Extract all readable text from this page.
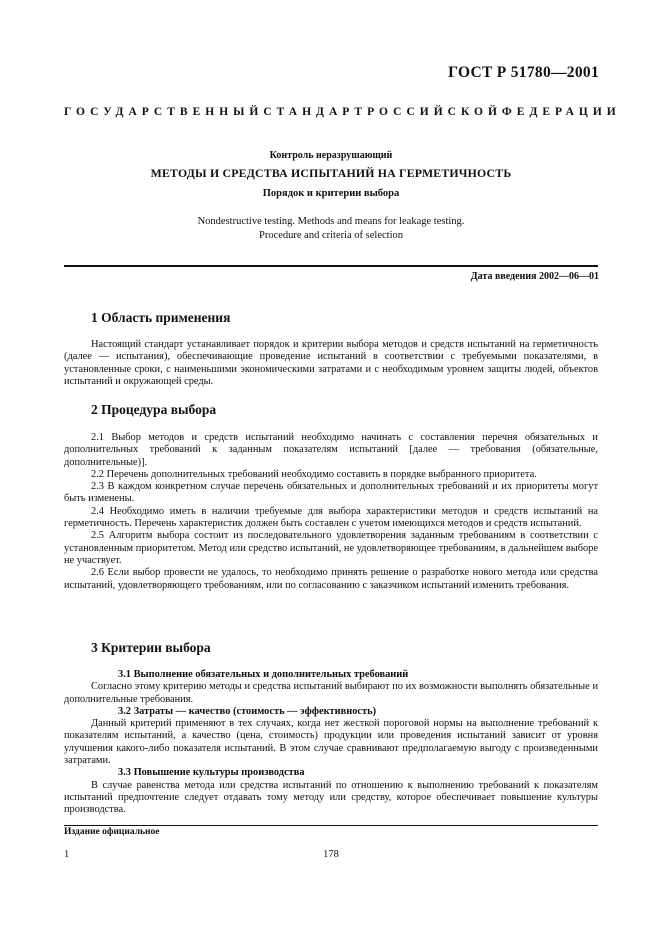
ГОСТ Р 51780—2001
ГОСУДАРСТВЕННЫЙ СТАНДАРТ РОССИЙСКОЙ ФЕДЕРАЦИИ
Контроль неразрушающий
МЕТОДЫ И СРЕДСТВА ИСПЫТАНИЙ НА ГЕРМЕТИЧНОСТЬ
Порядок и критерии выбора
Nondestructive testing. Methods and means for leakage testing.
Procedure and criteria of selection
Дата введения 2002—06—01
1 Область применения

Настоящий стандарт устанавливает порядок и критерии выбора методов и средств испытаний на герметичность (далее — испытания), обеспечивающие проведение испытаний в соответствии с требуемыми показателями, в установленные сроки, с наименьшими экономическими затратами и с необходимым уровнем защиты людей, объектов испытаний и окружающей среды.

2 Процедура выбора

2.1 Выбор методов и средств испытаний необходимо начинать с составления перечня обязательных и дополнительных требований к заданным показателям испытаний [далее — требования (обязательные, дополнительные)].

2.2 Перечень дополнительных требований необходимо составить в порядке выбранного приоритета.

2.3 В каждом конкретном случае перечень обязательных и дополнительных требований и их приоритеты могут быть изменены.

2.4 Необходимо иметь в наличии требуемые для выбора характеристики методов и средств испытаний на герметичность. Перечень характеристик должен быть составлен с учетом имеющихся методов и средств испытаний.

2.5 Алгоритм выбора состоит из последовательного удовлетворения заданным требованиям в соответствии с установленным приоритетом. Метод или средство испытаний, не удовлетворяющее требованиям, в дальнейшем выборе не участвует.

2.6 Если выбор провести не удалось, то необходимо принять решение о разработке нового метода или средства испытаний, удовлетворяющего требованиям, или по согласованию с заказчиком испытаний изменить требования.

3 Критерии выбора

3.1 Выполнение обязательных и дополнительных требований

Согласно этому критерию методы и средства испытаний выбирают по их возможности выполнять обязательные и дополнительные требования.

3.2 Затраты — качество (стоимость — эффективность)

Данный критерий применяют в тех случаях, когда нет жесткой пороговой нормы на выполнение требований к показателям испытаний, а качество (цена, стоимость) продукции или проведения испытаний зависит от уровня улучшения какого-либо показателя испытаний. В этом случае сравнивают предполагаемую выгоду с произведенными затратами.

3.3 Повышение культуры производства

В случае равенства метода или средства испытаний по отношению к выполнению требований к показателям испытаний предпочтение следует отдавать тому методу или средству, которое обеспечивает повышение культуры производства.

Издание официальное
1	178
